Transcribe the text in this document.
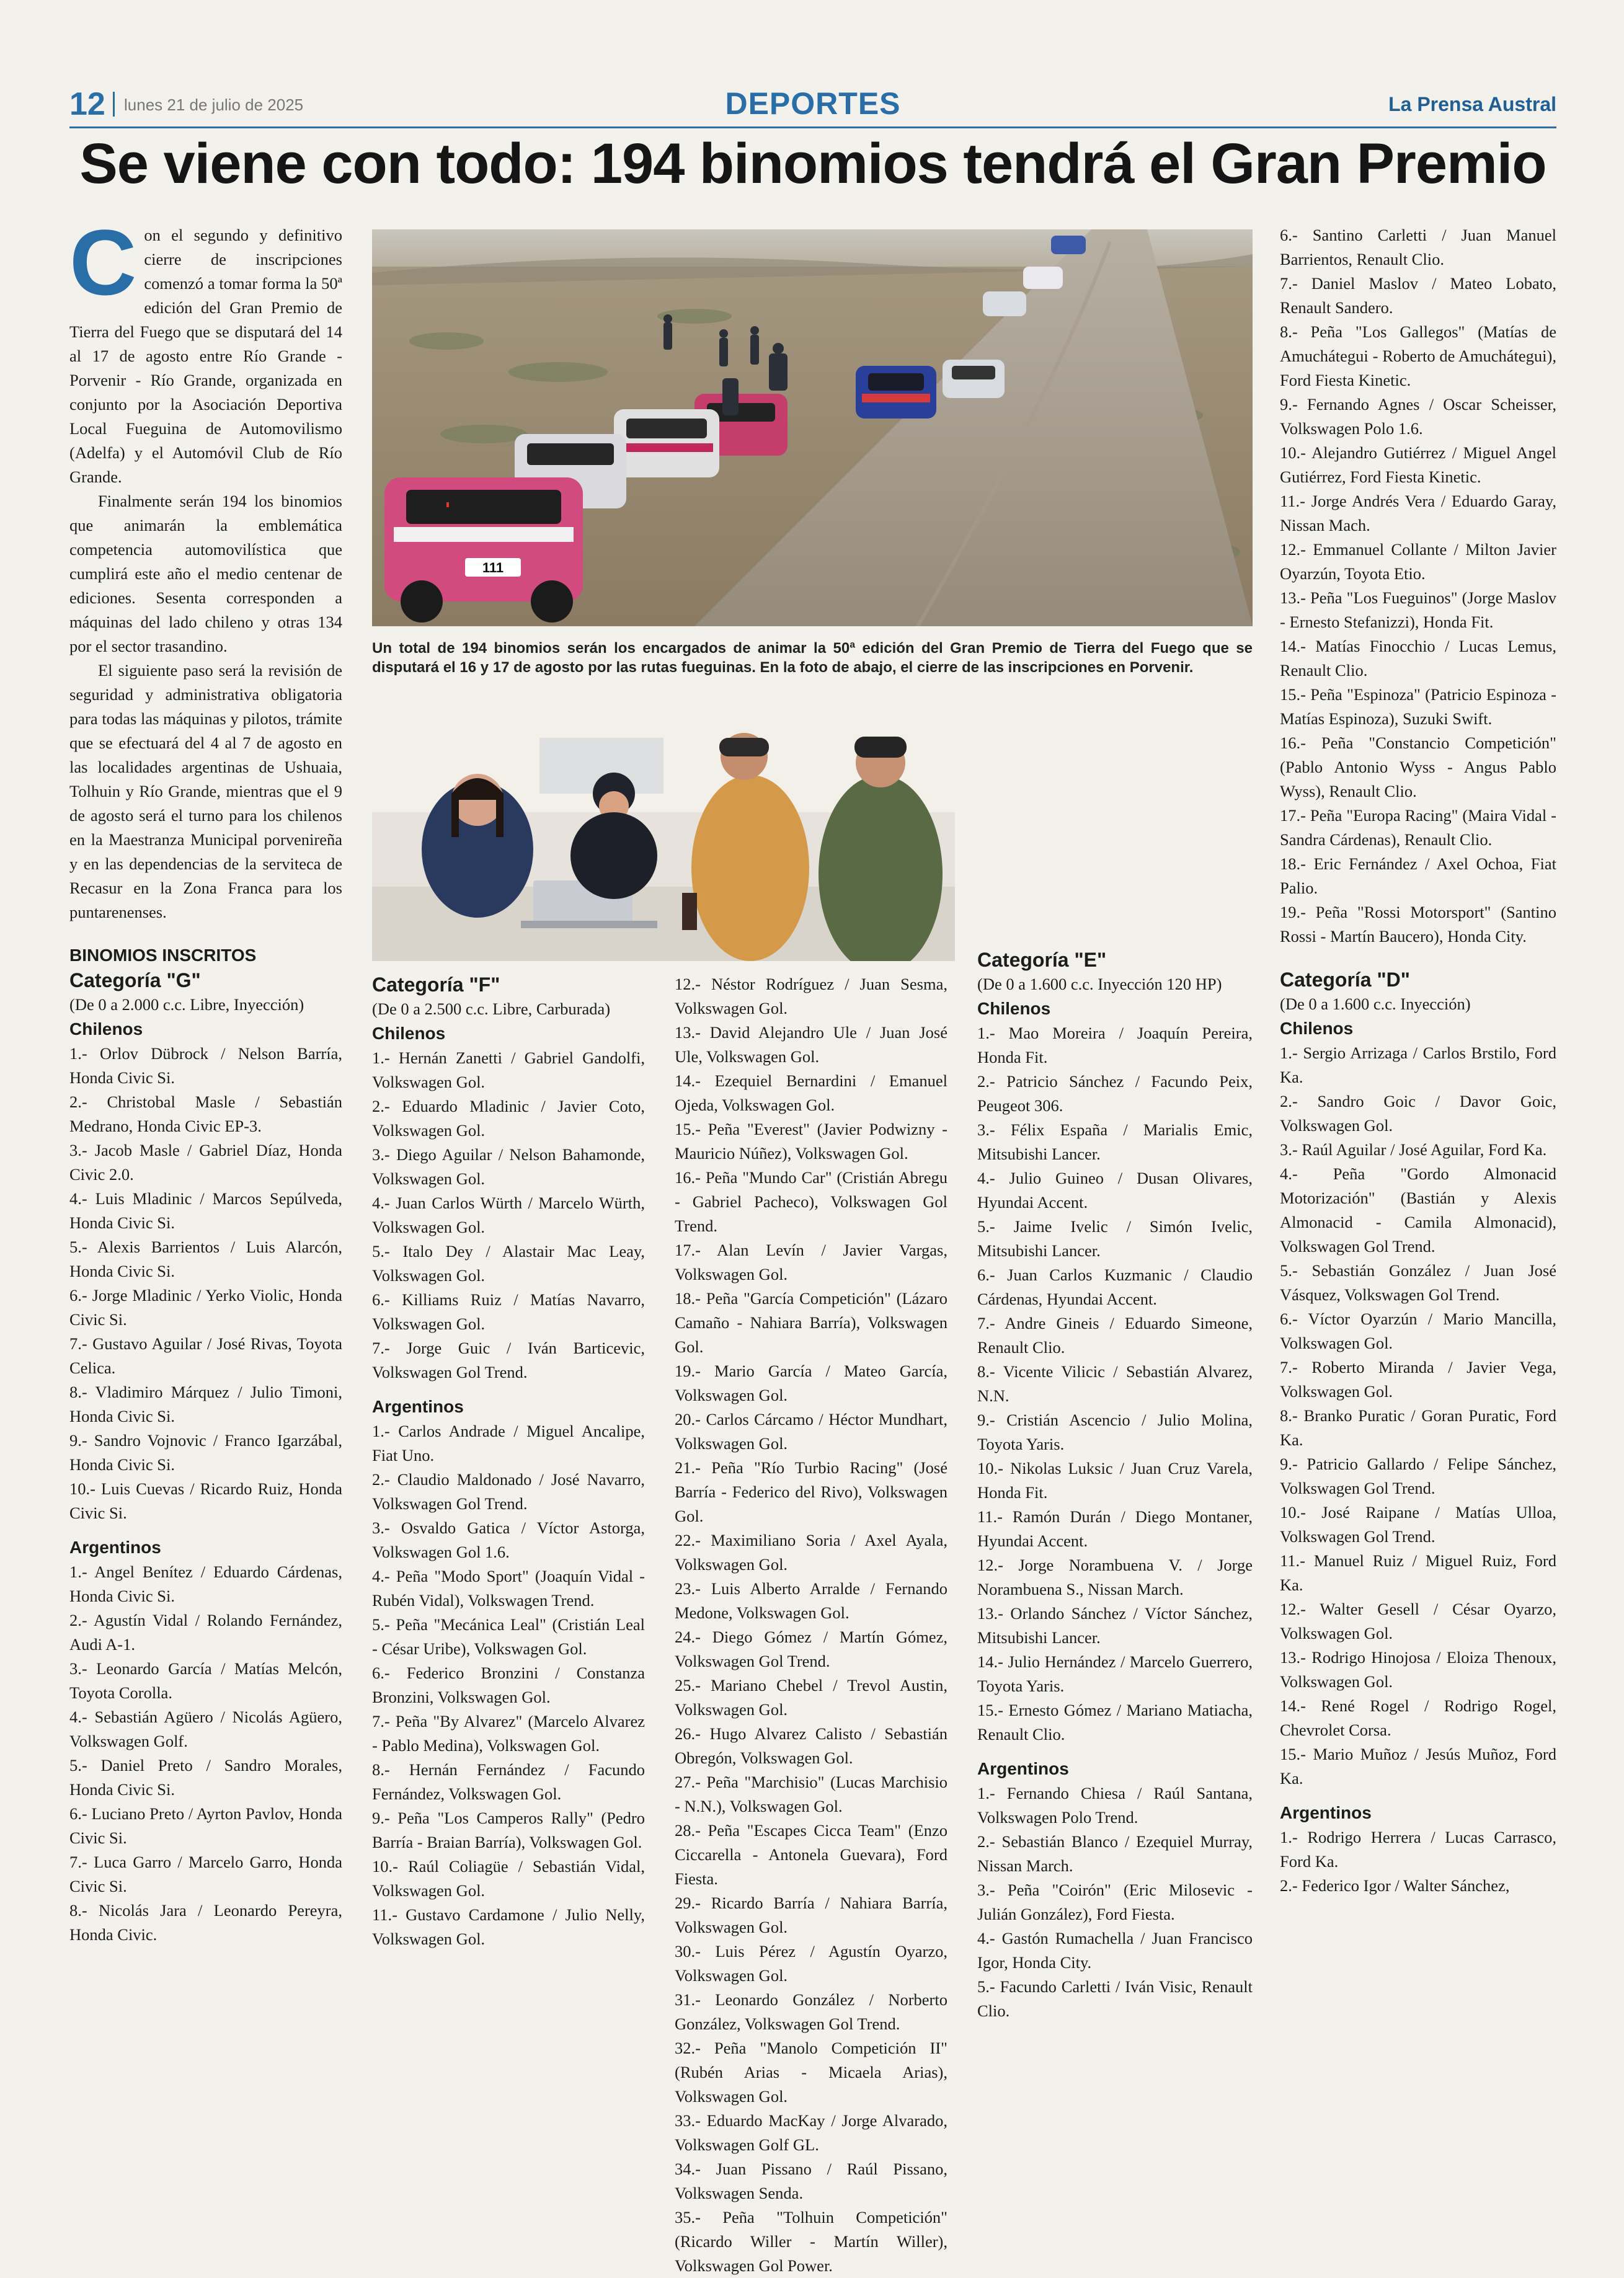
12 lunes 21 de julio de 2025	DEPORTES	La Prensa Austral
Se viene con todo: 194 binomios tendrá el Gran Premio

Con el segundo y definitivo cierre de inscripciones comenzó a tomar forma la 50ª edición del Gran Premio de Tierra del Fuego que se disputará del 14 al 17 de agosto entre Río Grande - Porvenir - Río Grande, organizada en conjunto por la Asociación Deportiva Local Fueguina de Automovilismo (Adelfa) y el Automóvil Club de Río Grande.

Finalmente serán 194 los binomios que animarán la emblemática competencia automovilística que cumplirá este año el medio centenar de ediciones. Sesenta corresponden a máquinas del lado chileno y otras 134 por el sector trasandino.

El siguiente paso será la revisión de seguridad y administrativa obligatoria para todas las máquinas y pilotos, trámite que se efectuará del 4 al 7 de agosto en las localidades argentinas de Ushuaia, Tolhuin y Río Grande, mientras que el 9 de agosto será el turno para los chilenos en la Maestranza Municipal porvenireña y en las dependencias de la serviteca de Recasur en la Zona Franca para los puntarenenses.

BINOMIOS INSCRITOS

Categoría "G"

(De 0 a 2.000 c.c. Libre, Inyección)

Chilenos

1.- Orlov Dübrock / Nelson Barría, Honda Civic Si.

2.- Christobal Masle / Sebastián Medrano, Honda Civic EP-3.

3.- Jacob Masle / Gabriel Díaz, Honda Civic 2.0.

4.- Luis Mladinic / Marcos Sepúlveda, Honda Civic Si.

5.- Alexis Barrientos / Luis Alarcón, Honda Civic Si.

6.- Jorge Mladinic / Yerko Violic, Honda Civic Si.

7.- Gustavo Aguilar / José Rivas, Toyota Celica.

8.- Vladimiro Márquez / Julio Timoni, Honda Civic Si.

9.- Sandro Vojnovic / Franco Igarzábal, Honda Civic Si.

10.- Luis Cuevas / Ricardo Ruiz, Honda Civic Si.

Argentinos

1.- Angel Benítez / Eduardo Cárdenas, Honda Civic Si.

2.- Agustín Vidal / Rolando Fernández, Audi A-1.

3.- Leonardo García / Matías Melcón, Toyota Corolla.

4.- Sebastián Agüero / Nicolás Agüero, Volkswagen Golf.

5.- Daniel Preto / Sandro Morales, Honda Civic Si.

6.- Luciano Preto / Ayrton Pavlov, Honda Civic Si.

7.- Luca Garro / Marcelo Garro, Honda Civic Si.

8.- Nicolás Jara / Leonardo Pereyra, Honda Civic.

111
Un total de 194 binomios serán los encargados de animar la 50ª edición del Gran Premio de Tierra del Fuego que se disputará el 16 y 17 de agosto por las rutas fueguinas. En la foto de abajo, el cierre de las inscripciones en Porvenir.

Categoría "F"

(De 0 a 2.500 c.c. Libre, Carburada)

Chilenos

1.- Hernán Zanetti / Gabriel Gandolfi, Volkswagen Gol.

2.- Eduardo Mladinic / Javier Coto, Volkswagen Gol.

3.- Diego Aguilar / Nelson Bahamonde, Volkswagen Gol.

4.- Juan Carlos Würth / Marcelo Würth, Volkswagen Gol.

5.- Italo Dey / Alastair Mac Leay, Volkswagen Gol.

6.- Killiams Ruiz / Matías Navarro, Volkswagen Gol.

7.- Jorge Guic / Iván Barticevic, Volkswagen Gol Trend.

Argentinos

1.- Carlos Andrade / Miguel Ancalipe, Fiat Uno.

2.- Claudio Maldonado / José Navarro, Volkswagen Gol Trend.

3.- Osvaldo Gatica / Víctor Astorga, Volkswagen Gol 1.6.

4.- Peña "Modo Sport" (Joaquín Vidal - Rubén Vidal), Volkswagen Trend.

5.- Peña "Mecánica Leal" (Cristián Leal - César Uribe), Volkswagen Gol.

6.- Federico Bronzini / Constanza Bronzini, Volkswagen Gol.

7.- Peña "By Alvarez" (Marcelo Alvarez - Pablo Medina), Volkswagen Gol.

8.- Hernán Fernández / Facundo Fernández, Volkswagen Gol.

9.- Peña "Los Camperos Rally" (Pedro Barría - Braian Barría), Volkswagen Gol.

10.- Raúl Coliagüe / Sebastián Vidal, Volkswagen Gol.

11.- Gustavo Cardamone / Julio Nelly, Volkswagen Gol.

12.- Néstor Rodríguez / Juan Sesma, Volkswagen Gol.

13.- David Alejandro Ule / Juan José Ule, Volkswagen Gol.

14.- Ezequiel Bernardini / Emanuel Ojeda, Volkswagen Gol.

15.- Peña "Everest" (Javier Podwizny - Mauricio Núñez), Volkswagen Gol.

16.- Peña "Mundo Car" (Cristián Abregu - Gabriel Pacheco), Volkswagen Gol Trend.

17.- Alan Levín / Javier Vargas, Volkswagen Gol.

18.- Peña "García Competición" (Lázaro Camaño - Nahiara Barría), Volkswagen Gol.

19.- Mario García / Mateo García, Volkswagen Gol.

20.- Carlos Cárcamo / Héctor Mundhart, Volkswagen Gol.

21.- Peña "Río Turbio Racing" (José Barría - Federico del Rivo), Volkswagen Gol.

22.- Maximiliano Soria / Axel Ayala, Volkswagen Gol.

23.- Luis Alberto Arralde / Fernando Medone, Volkswagen Gol.

24.- Diego Gómez / Martín Gómez, Volkswagen Gol Trend.

25.- Mariano Chebel / Trevol Austin, Volkswagen Gol.

26.- Hugo Alvarez Calisto / Sebastián Obregón, Volkswagen Gol.

27.- Peña "Marchisio" (Lucas Marchisio - N.N.), Volkswagen Gol.

28.- Peña "Escapes Cicca Team" (Enzo Ciccarella - Antonela Guevara), Ford Fiesta.

29.- Ricardo Barría / Nahiara Barría, Volkswagen Gol.

30.- Luis Pérez / Agustín Oyarzo, Volkswagen Gol.

31.- Leonardo González / Norberto González, Volkswagen Gol Trend.

32.- Peña "Manolo Competición II" (Rubén Arias - Micaela Arias), Volkswagen Gol.

33.- Eduardo MacKay / Jorge Alvarado, Volkswagen Golf GL.

34.- Juan Pissano / Raúl Pissano, Volkswagen Senda.

35.- Peña "Tolhuin Competición" (Ricardo Willer - Martín Willer), Volkswagen Gol Power.

Categoría "E"

(De 0 a 1.600 c.c. Inyección 120 HP)

Chilenos

1.- Mao Moreira / Joaquín Pereira, Honda Fit.

2.- Patricio Sánchez / Facundo Peix, Peugeot 306.

3.- Félix España / Marialis Emic, Mitsubishi Lancer.

4.- Julio Guineo / Dusan Olivares, Hyundai Accent.

5.- Jaime Ivelic / Simón Ivelic, Mitsubishi Lancer.

6.- Juan Carlos Kuzmanic / Claudio Cárdenas, Hyundai Accent.

7.- Andre Gineis / Eduardo Simeone, Renault Clio.

8.- Vicente Vilicic / Sebastián Alvarez, N.N.

9.- Cristián Ascencio / Julio Molina, Toyota Yaris.

10.- Nikolas Luksic / Juan Cruz Varela, Honda Fit.

11.- Ramón Durán / Diego Montaner, Hyundai Accent.

12.- Jorge Norambuena V. / Jorge Norambuena S., Nissan March.

13.- Orlando Sánchez / Víctor Sánchez, Mitsubishi Lancer.

14.- Julio Hernández / Marcelo Guerrero, Toyota Yaris.

15.- Ernesto Gómez / Mariano Matiacha, Renault Clio.

Argentinos

1.- Fernando Chiesa / Raúl Santana, Volkswagen Polo Trend.

2.- Sebastián Blanco / Ezequiel Murray, Nissan March.

3.- Peña "Coirón" (Eric Milosevic - Julián González), Ford Fiesta.

4.- Gastón Rumachella / Juan Francisco Igor, Honda City.

5.- Facundo Carletti / Iván Visic, Renault Clio.

6.- Santino Carletti / Juan Manuel Barrientos, Renault Clio.

7.- Daniel Maslov / Mateo Lobato, Renault Sandero.

8.- Peña "Los Gallegos" (Matías de Amuchátegui - Roberto de Amuchátegui), Ford Fiesta Kinetic.

9.- Fernando Agnes / Oscar Scheisser, Volkswagen Polo 1.6.

10.- Alejandro Gutiérrez / Miguel Angel Gutiérrez, Ford Fiesta Kinetic.

11.- Jorge Andrés Vera / Eduardo Garay, Nissan Mach.

12.- Emmanuel Collante / Milton Javier Oyarzún, Toyota Etio.

13.- Peña "Los Fueguinos" (Jorge Maslov - Ernesto Stefanizzi), Honda Fit.

14.- Matías Finocchio / Lucas Lemus, Renault Clio.

15.- Peña "Espinoza" (Patricio Espinoza - Matías Espinoza), Suzuki Swift.

16.- Peña "Constancio Competición" (Pablo Antonio Wyss - Angus Pablo Wyss), Renault Clio.

17.- Peña "Europa Racing" (Maira Vidal - Sandra Cárdenas), Renault Clio.

18.- Eric Fernández / Axel Ochoa, Fiat Palio.

19.- Peña "Rossi Motorsport" (Santino Rossi - Martín Baucero), Honda City.

Categoría "D"

(De 0 a 1.600 c.c. Inyección)

Chilenos

1.- Sergio Arrizaga / Carlos Brstilo, Ford Ka.

2.- Sandro Goic / Davor Goic, Volkswagen Gol.

3.- Raúl Aguilar / José Aguilar, Ford Ka.

4.- Peña "Gordo Almonacid Motorización" (Bastián y Alexis Almonacid - Camila Almonacid), Volkswagen Gol Trend.

5.- Sebastián González / Juan José Vásquez, Volkswagen Gol Trend.

6.- Víctor Oyarzún / Mario Mancilla, Volkswagen Gol.

7.- Roberto Miranda / Javier Vega, Volkswagen Gol.

8.- Branko Puratic / Goran Puratic, Ford Ka.

9.- Patricio Gallardo / Felipe Sánchez, Volkswagen Gol Trend.

10.- José Raipane / Matías Ulloa, Volkswagen Gol Trend.

11.- Manuel Ruiz / Miguel Ruiz, Ford Ka.

12.- Walter Gesell / César Oyarzo, Volkswagen Gol.

13.- Rodrigo Hinojosa / Eloiza Thenoux, Volkswagen Gol.

14.- René Rogel / Rodrigo Rogel, Chevrolet Corsa.

15.- Mario Muñoz / Jesús Muñoz, Ford Ka.

Argentinos

1.- Rodrigo Herrera / Lucas Carrasco, Ford Ka.

2.- Federico Igor / Walter Sánchez,
